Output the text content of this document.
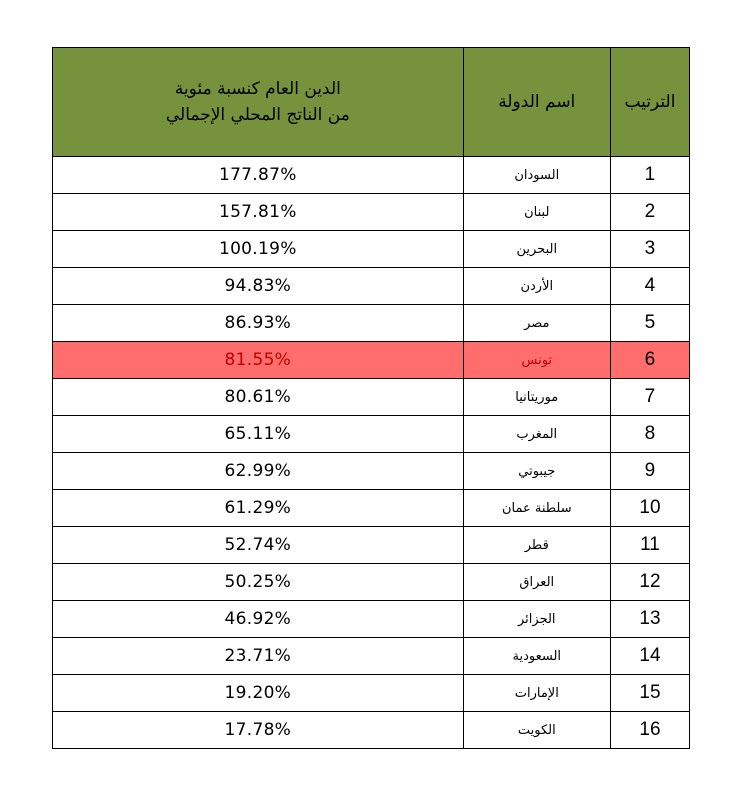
الترتيب	اسم الدولة	الدين العام كنسبة مئوية
من الناتج المحلي الإجمالي

1	السودان	177.87%
2	لبنان	157.81%
3	البحرين	100.19%
4	الأردن	94.83%
5	مصر	86.93%
6	تونس	81.55%
7	موريتانيا	80.61%
8	المغرب	65.11%
9	جيبوتي	62.99%
10	سلطنة عمان	61.29%
11	قطر	52.74%
12	العراق	50.25%
13	الجزائر	46.92%
14	السعودية	23.71%
15	الإمارات	19.20%
16	الكويت	17.78%
